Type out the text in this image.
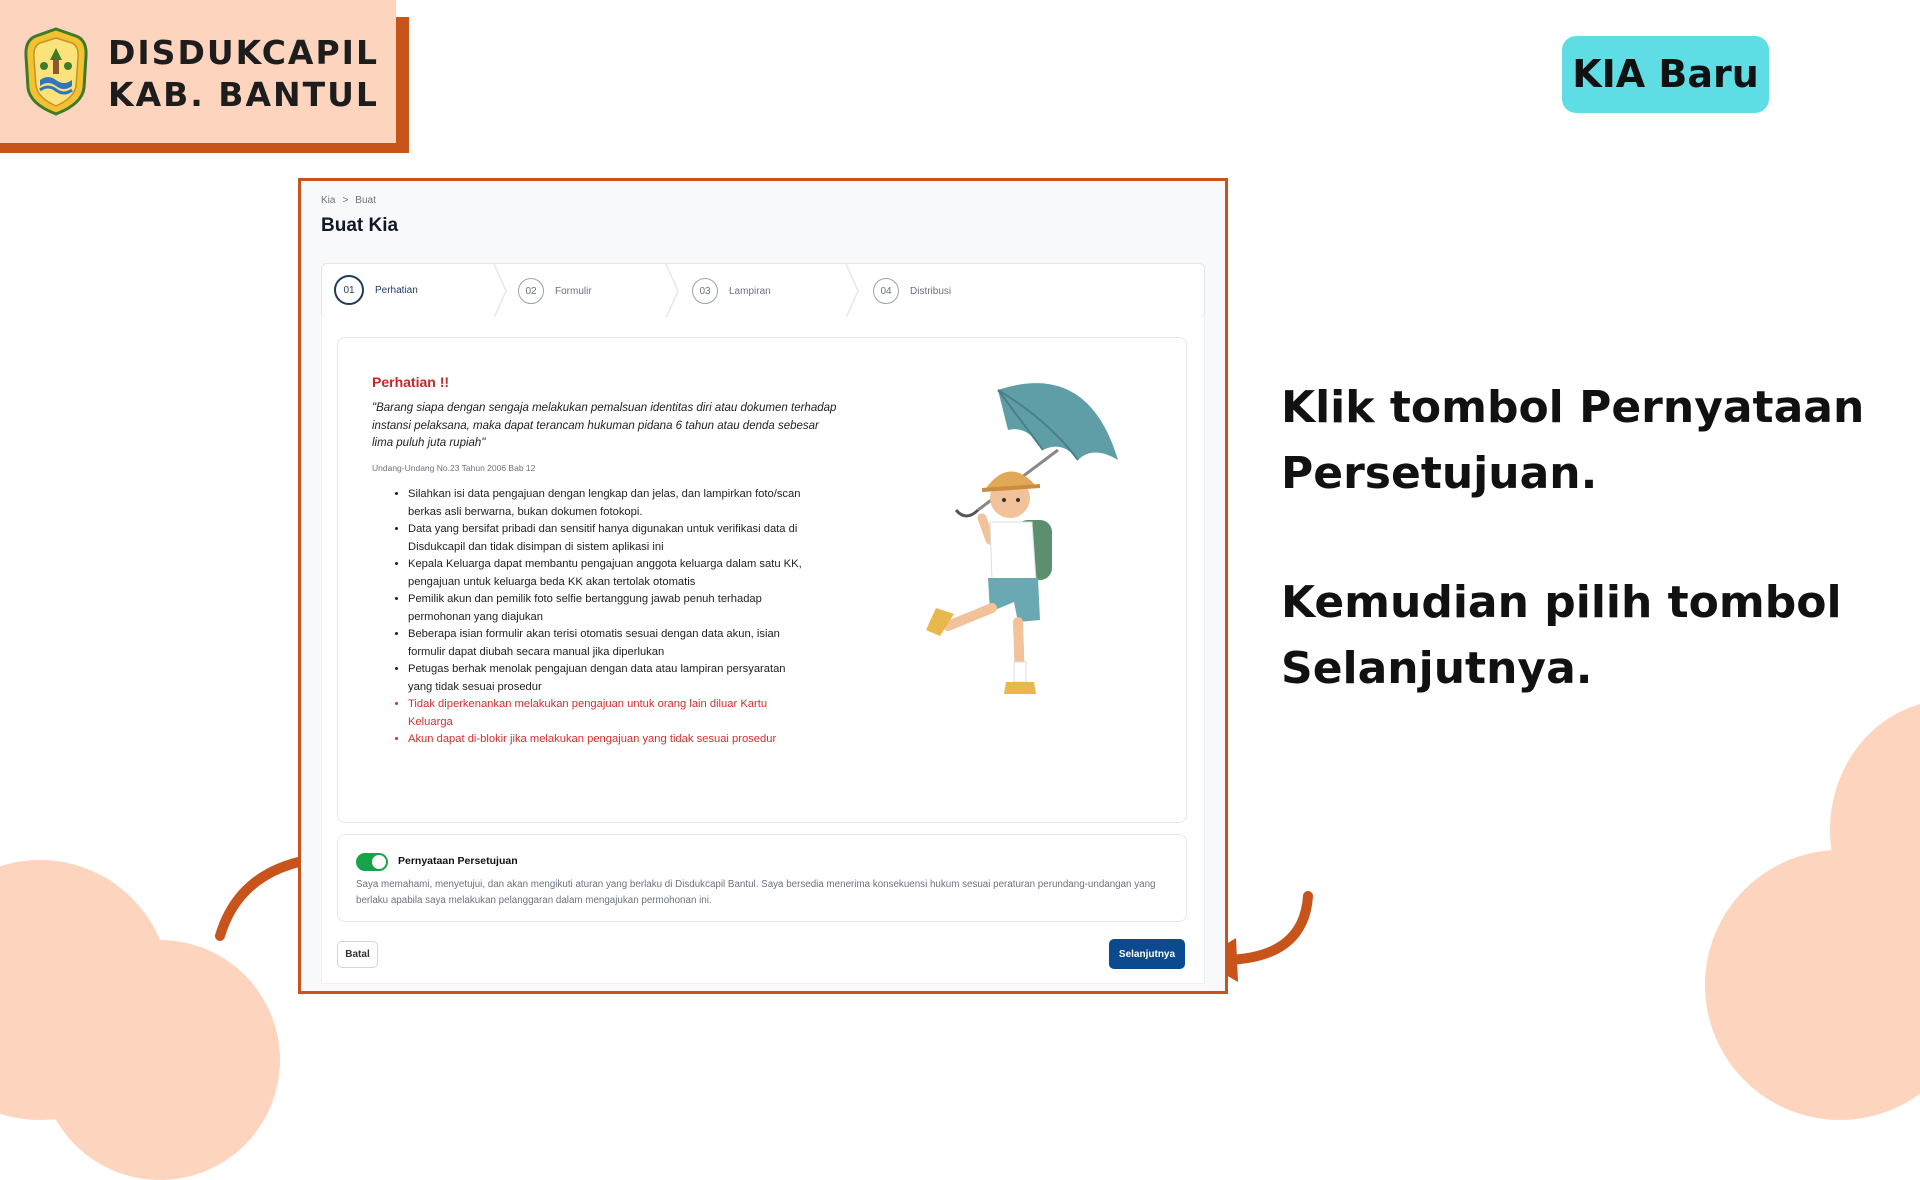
DISDUKCAPIL
KAB. BANTUL	KIA Baru
Klik tombol Pernyataan
Persetujuan.
Kemudian pilih tombol
Selanjutnya.
Kia > Buat
Buat Kia
01	Perhatian	02	Formulir	03	Lampiran	04	Distribusi
Perhatian !!
"Barang siapa dengan sengaja melakukan pemalsuan identitas diri atau dokumen terhadap instansi pelaksana, maka dapat terancam hukuman pidana 6 tahun atau denda sebesar lima puluh juta rupiah"
Undang-Undang No.23 Tahun 2006 Bab 12
• Silahkan isi data pengajuan dengan lengkap dan jelas, dan lampirkan foto/scan berkas asli berwarna, bukan dokumen fotokopi.
• Data yang bersifat pribadi dan sensitif hanya digunakan untuk verifikasi data di Disdukcapil dan tidak disimpan di sistem aplikasi ini
• Kepala Keluarga dapat membantu pengajuan anggota keluarga dalam satu KK, pengajuan untuk keluarga beda KK akan tertolak otomatis
• Pemilik akun dan pemilik foto selfie bertanggung jawab penuh terhadap permohonan yang diajukan
• Beberapa isian formulir akan terisi otomatis sesuai dengan data akun, isian formulir dapat diubah secara manual jika diperlukan
• Petugas berhak menolak pengajuan dengan data atau lampiran persyaratan yang tidak sesuai prosedur
• Tidak diperkenankan melakukan pengajuan untuk orang lain diluar Kartu Keluarga
• Akun dapat di-blokir jika melakukan pengajuan yang tidak sesuai prosedur
Pernyataan Persetujuan
Saya memahami, menyetujui, dan akan mengikuti aturan yang berlaku di Disdukcapil Bantul. Saya bersedia menerima konsekuensi hukum sesuai peraturan perundang-undangan yang berlaku apabila saya melakukan pelanggaran dalam mengajukan permohonan ini.
Batal	Selanjutnya
